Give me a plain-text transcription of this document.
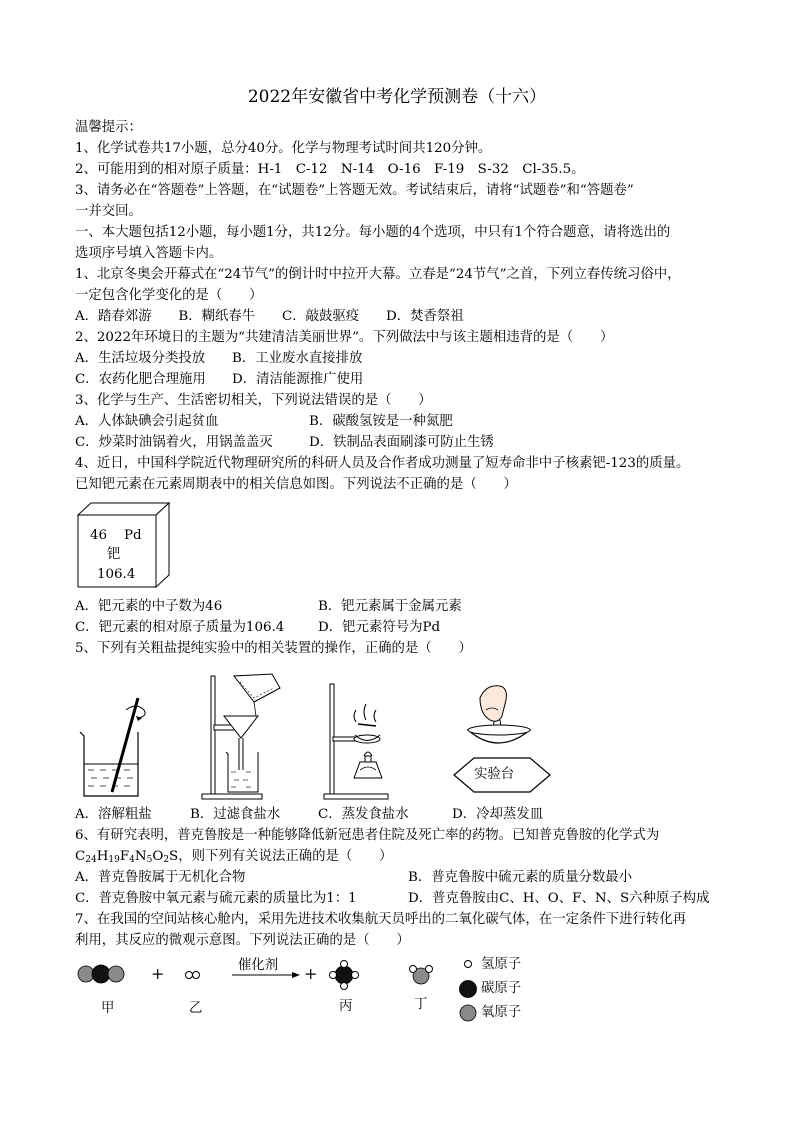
2022年安徽省中考化学预测卷（十六）
温馨提示：
1、化学试卷共17小题，总分40分。化学与物理考试时间共120分钟。
2、可能用到的相对原子质量：H-1　C-12　N-14　O-16　F-19　S-32　Cl-35.5。
3、请务必在“答题卷”上答题，在“试题卷”上答题无效。考试结束后，请将“试题卷”和“答题卷”
一并交回。
一、本大题包括12小题，每小题1分，共12分。每小题的4个选项，中只有1个符合题意，请将选出的
选项序号填入答题卡内。
1、北京冬奥会开幕式在“24节气”的倒计时中拉开大幕。立春是“24节气”之首，下列立春传统习俗中，
一定包含化学变化的是（　　）
A．踏春郊游　　B．糊纸春牛　　C．敲鼓驱疫　　D．焚香祭祖
2、2022年环境日的主题为“共建清洁美丽世界”。下列做法中与该主题相违背的是（　　）
A．生活垃圾分类投放 B．工业废水直接排放
C．农药化肥合理施用 D．清洁能源推广使用
3、化学与生产、生活密切相关，下列说法错误的是（　　）
A．人体缺碘会引起贫血	B．碳酸氢铵是一种氮肥
C．炒菜时油锅着火，用锅盖盖灭	D．铁制品表面刷漆可防止生锈
4、近日，中国科学院近代物理研究所的科研人员及合作者成功测量了短寿命非中子核素钯-123的质量。
已知钯元素在元素周期表中的相关信息如图。下列说法不正确的是（　　）
46 Pd
钯
106.4
A．钯元素的中子数为46	B．钯元素属于金属元素
C．钯元素的相对原子质量为106.4	D．钯元素符号为Pd
5、下列有关粗盐提纯实验中的相关装置的操作，正确的是（　　）
实验台
A．溶解粗盐	B．过滤食盐水	C．蒸发食盐水	D．冷却蒸发皿
6、有研究表明，普克鲁胺是一种能够降低新冠患者住院及死亡率的药物。已知普克鲁胺的化学式为
$C_{24}H_{19}F_4N_5O_2S$，则下列有关说法正确的是（　　）
A．普克鲁胺属于无机化合物	B．普克鲁胺中硫元素的质量分数最小
C．普克鲁胺中氧元素与硫元素的质量比为1：1	D．普克鲁胺由C、H、O、F、N、S六种原子构成
7、在我国的空间站核心舱内，采用先进技术收集航天员呼出的二氧化碳气体，在一定条件下进行转化再
利用，其反应的微观示意图。下列说法正确的是（　　）
+	+
催化剂
甲	乙	丙	丁
氢原子
碳原子
氧原子
